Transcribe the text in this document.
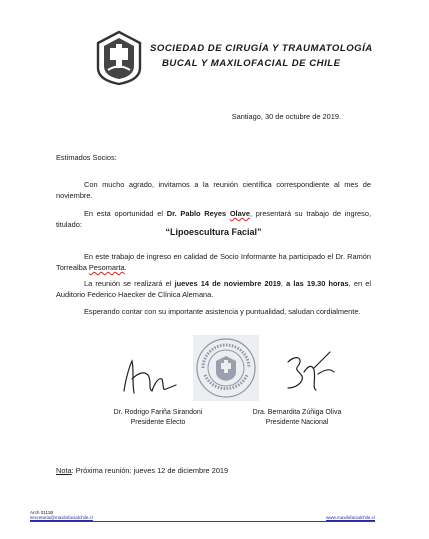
SOCIEDAD DE CIRUGÍA Y TRAUMATOLOGÍA
BUCAL Y MAXILOFACIAL DE CHILE
Santiago, 30 de octubre de 2019.
Estimados Socios:
Con mucho agrado, invitamos a la reunión científica correspondiente al mes de noviembre.
En esta oportunidad el Dr. Pablo Reyes Olave, presentará su trabajo de ingreso, titulado:
“Lipoescultura Facial”
En este trabajo de ingreso en calidad de Socio Informante ha participado el Dr. Ramón Torrealba Pesomarta.
La reunión se realizará el jueves 14 de noviembre 2019, a las 19.30 horas, en el Auditorio Federico Haecker de Clínica Alemana.
Esperando contar con su importante asistencia y puntualidad, saludan cordialmente.
Dr. Rodrigo Fariña Sirandoni
Presidente Electo
Dra. Bernardita Zúñiga Oliva
Presidente Nacional
Nota: Próxima reunión: jueves 12 de diciembre 2019
Arch 0111B
secretaria@maxilofacialchile.cl	www.maxilofacialchile.cl
